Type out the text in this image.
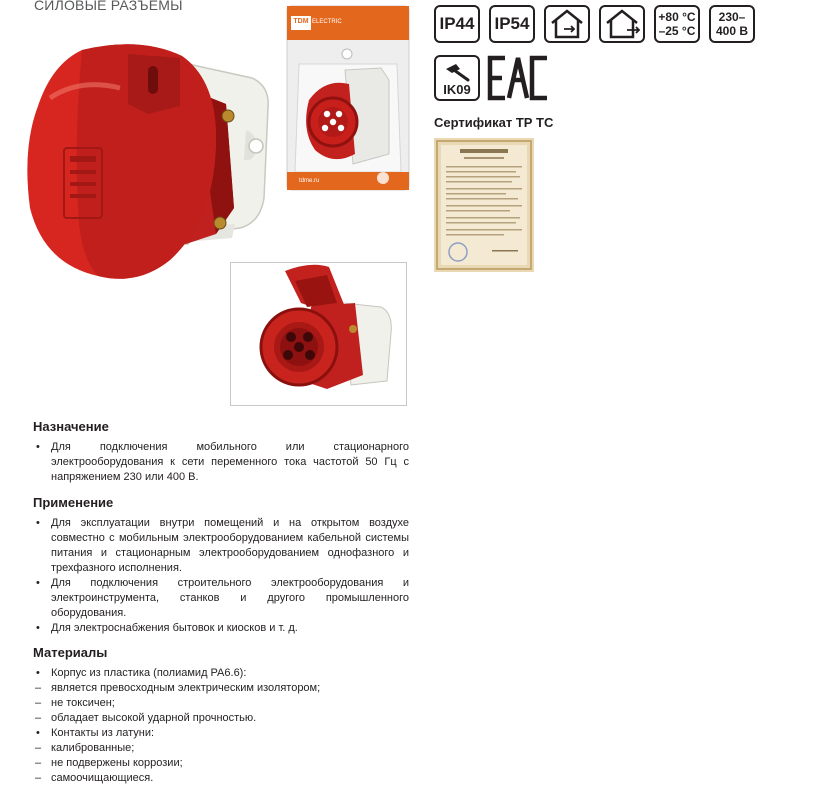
СИЛОВЫЕ РАЗЪЕМЫ
TDM ELECTRIC
tdme.ru
IP44	IP54	+80 °C
–25 °C
230–
400 В
IK09
Сертификат ТР ТС
Назначение
• Для подключения мобильного или стационарного электрооборудования к сети переменного тока частотой 50 Гц с напряжением 230 или 400 В.
Применение
• Для эксплуатации внутри помещений и на открытом воздухе совместно с мобильным электрооборудованием кабельной системы питания и стационарным электрооборудованием однофазного и трехфазного исполнения.
• Для подключения строительного электрооборудования и электроинструмента, станков и другого промышленного оборудования.
• Для электроснабжения бытовок и киосков и т. д.
Материалы
• Корпус из пластика (полиамид PA6.6):
– является превосходным электрическим изолятором;
– не токсичен;
– обладает высокой ударной прочностью.
• Контакты из латуни:
– калиброванные;
– не подвержены коррозии;
– самоочищающиеся.
